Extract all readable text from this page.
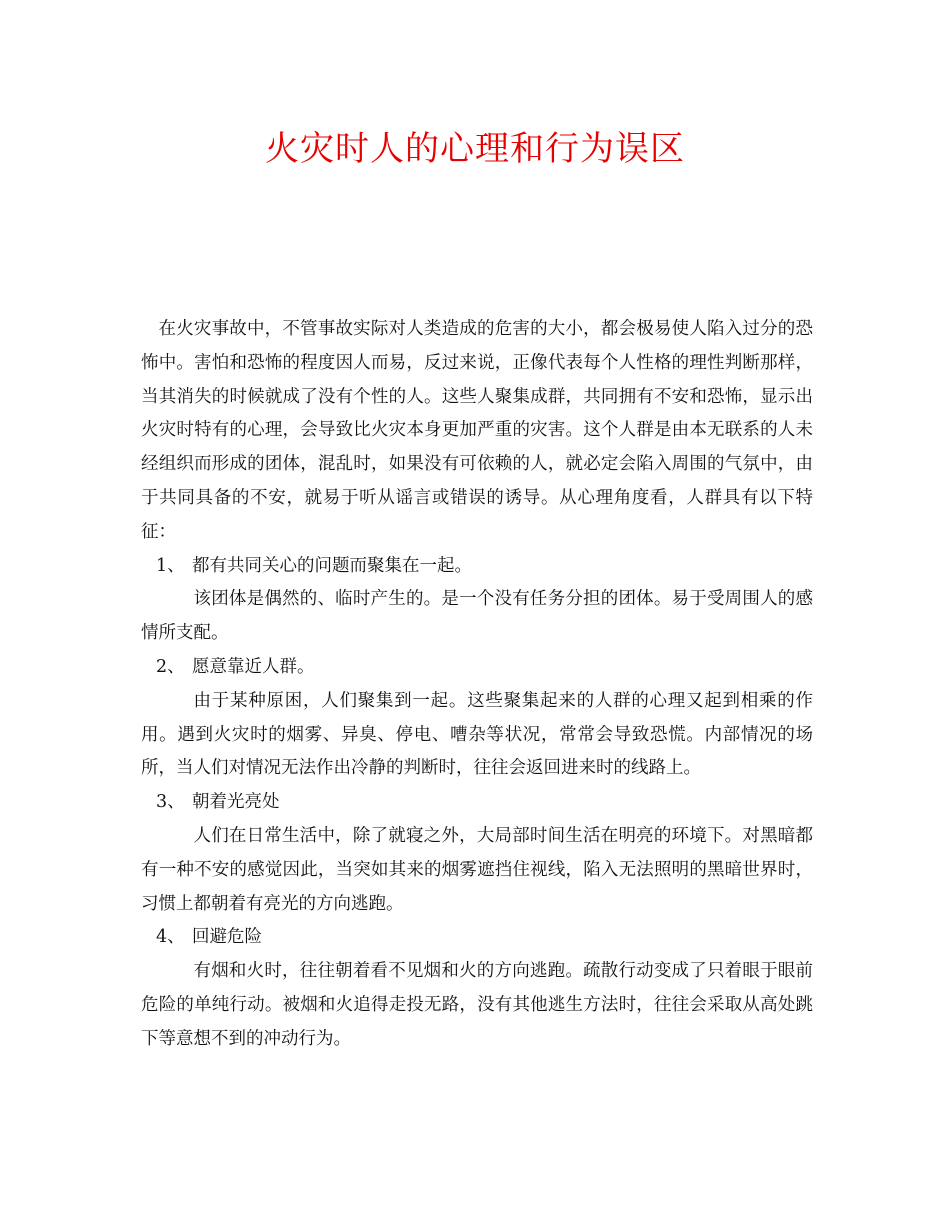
火灾时人的心理和行为误区

在火灾事故中，不管事故实际对人类造成的危害的大小，都会极易使人陷入过分的恐怖中。害怕和恐怖的程度因人而易，反过来说，正像代表每个人性格的理性判断那样，当其消失的时候就成了没有个性的人。这些人聚集成群，共同拥有不安和恐怖，显示出火灾时特有的心理，会导致比火灾本身更加严重的灾害。这个人群是由本无联系的人未经组织而形成的团体，混乱时，如果没有可依赖的人，就必定会陷入周围的气氛中，由于共同具备的不安，就易于听从谣言或错误的诱导。从心理角度看，人群具有以下特征：

1、 都有共同关心的问题而聚集在一起。

该团体是偶然的、临时产生的。是一个没有任务分担的团体。易于受周围人的感情所支配。

2、 愿意靠近人群。

由于某种原困，人们聚集到一起。这些聚集起来的人群的心理又起到相乘的作用。遇到火灾时的烟雾、异臭、停电、嘈杂等状况，常常会导致恐慌。内部情况的场所，当人们对情况无法作出冷静的判断时，往往会返回进来时的线路上。

3、 朝着光亮处

人们在日常生活中，除了就寝之外，大局部时间生活在明亮的环境下。对黑暗都有一种不安的感觉因此，当突如其来的烟雾遮挡住视线，陷入无法照明的黑暗世界时，习惯上都朝着有亮光的方向逃跑。

4、 回避危险

有烟和火时，往往朝着看不见烟和火的方向逃跑。疏散行动变成了只着眼于眼前危险的单纯行动。被烟和火追得走投无路，没有其他逃生方法时，往往会采取从高处跳下等意想不到的冲动行为。
